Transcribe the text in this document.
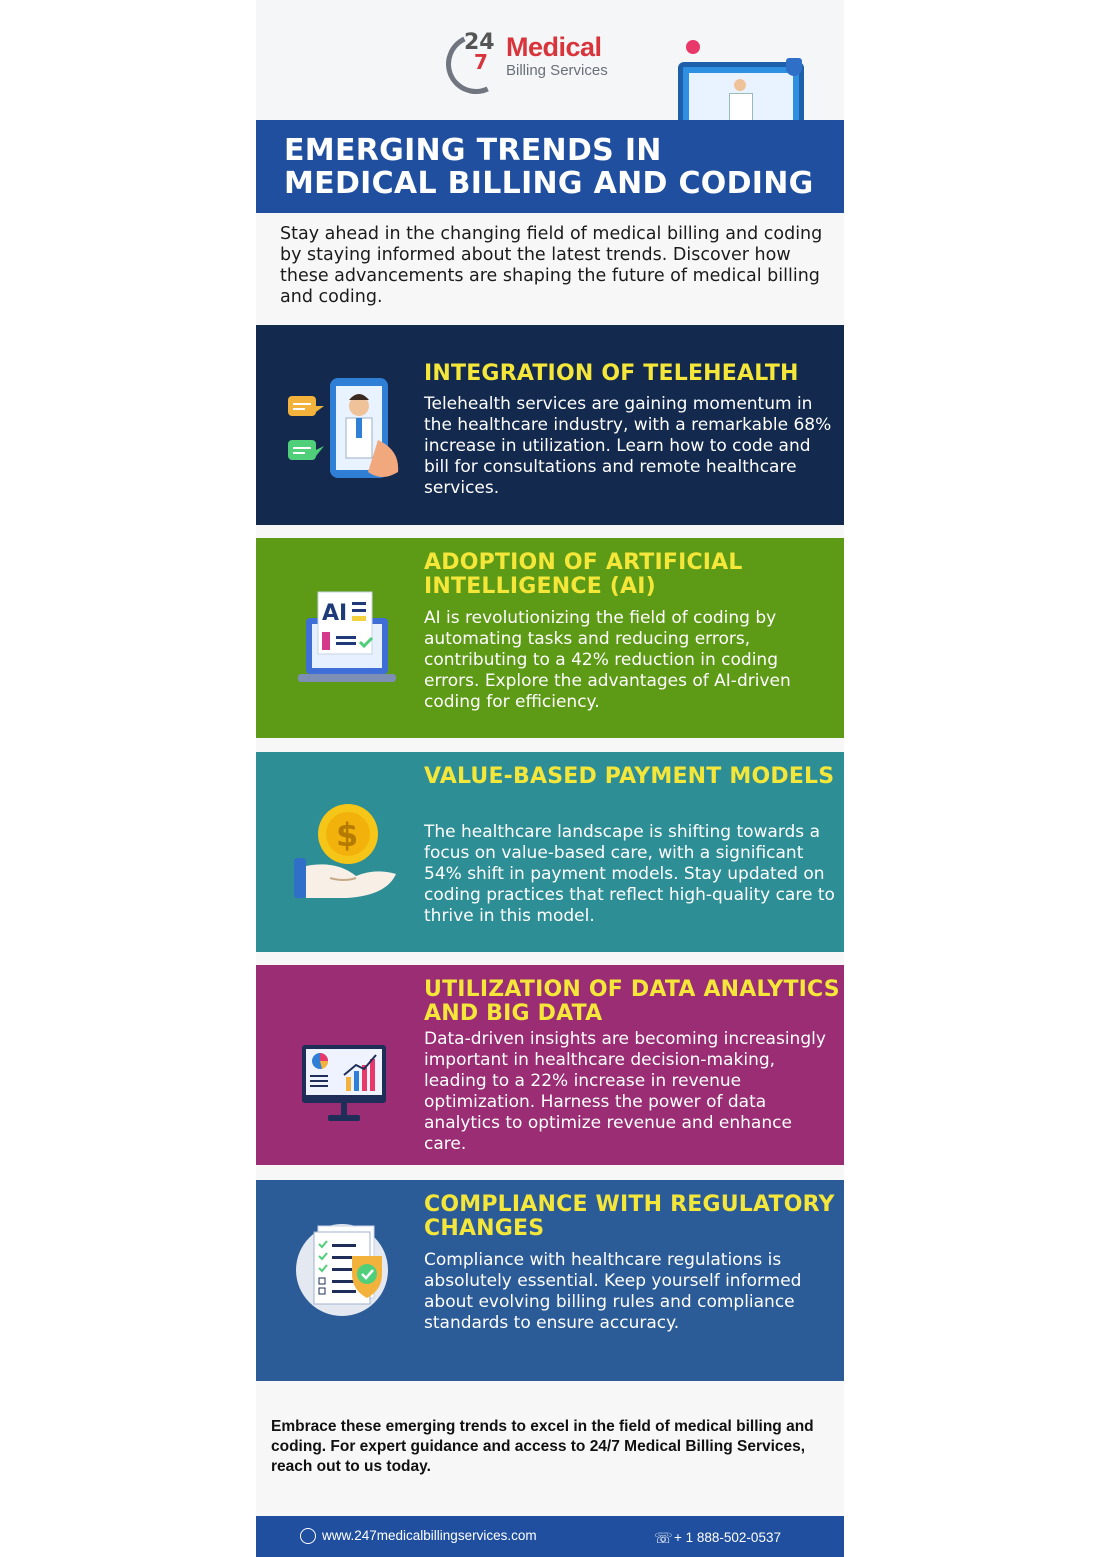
24
7 Medical
Billing Services
EMERGING TRENDS IN
MEDICAL BILLING AND CODING

Stay ahead in the changing field of medical billing and coding by staying informed about the latest trends. Discover how these advancements are shaping the future of medical billing and coding.

INTEGRATION OF TELEHEALTH

Telehealth services are gaining momentum in the healthcare industry, with a remarkable 68% increase in utilization. Learn how to code and bill for consultations and remote healthcare services.

AI
ADOPTION OF ARTIFICIAL INTELLIGENCE (AI)

AI is revolutionizing the field of coding by automating tasks and reducing errors, contributing to a 42% reduction in coding errors. Explore the advantages of AI-driven coding for efficiency.

$
VALUE-BASED PAYMENT MODELS

The healthcare landscape is shifting towards a focus on value-based care, with a significant 54% shift in payment models. Stay updated on coding practices that reflect high-quality care to thrive in this model.

UTILIZATION OF DATA ANALYTICS AND BIG DATA

Data-driven insights are becoming increasingly important in healthcare decision-making, leading to a 22% increase in revenue optimization. Harness the power of data analytics to optimize revenue and enhance care.

COMPLIANCE WITH REGULATORY CHANGES

Compliance with healthcare regulations is absolutely essential. Keep yourself informed about evolving billing rules and compliance standards to ensure accuracy.

Embrace these emerging trends to excel in the field of medical billing and coding. For expert guidance and access to 24/7 Medical Billing Services, reach out to us today.

www.247medicalbillingservices.com	☏ + 1 888-502-0537
